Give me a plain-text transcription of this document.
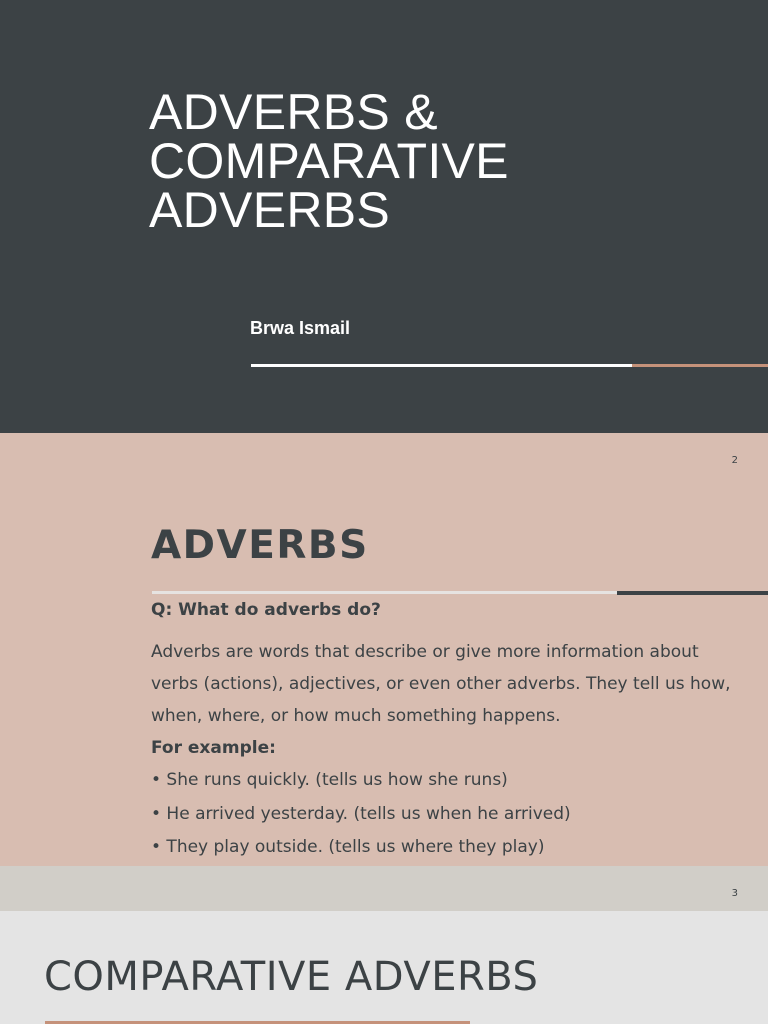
ADVERBS &
COMPARATIVE
ADVERBS
Brwa Ismail
2
ADVERBS

Q: What do adverbs do?

Adverbs are words that describe or give more information about verbs (actions), adjectives, or even other adverbs. They tell us how, when, where, or how much something happens.

For example:

• She runs quickly. (tells us how she runs)
• He arrived yesterday. (tells us when he arrived)
• They play outside. (tells us where they play)
3
COMPARATIVE ADVERBS
